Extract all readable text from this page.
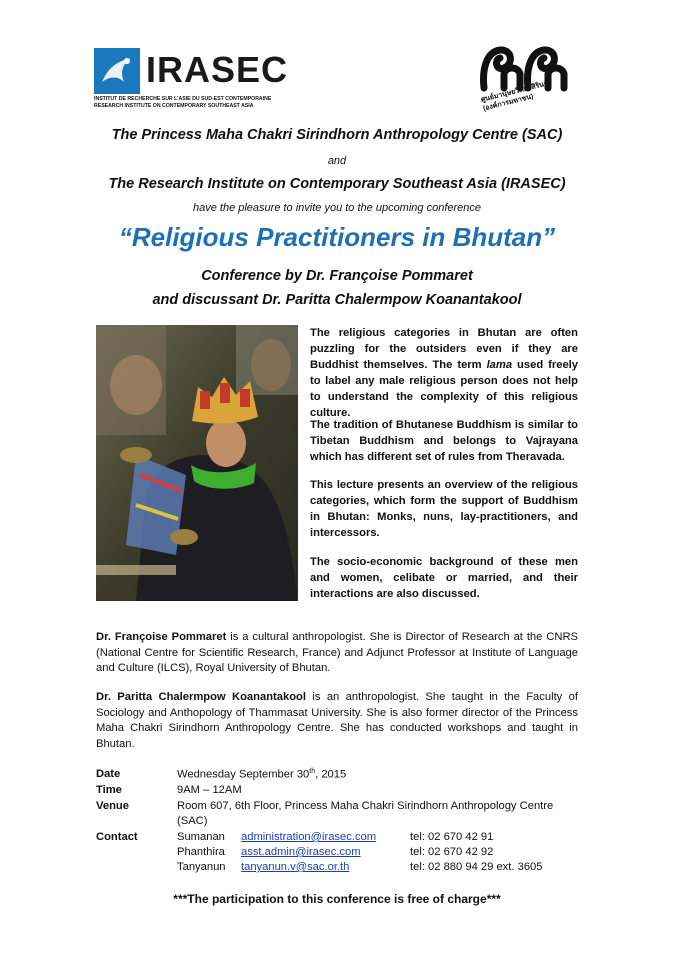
IRASEC
INSTITUT DE RECHERCHE SUR L'ASIE DU SUD-EST CONTEMPORAINE
RESEARCH INSTITUTE ON CONTEMPORARY SOUTHEAST ASIA
ศูนย์มานุษยวิทยาสิรินธร (องค์การมหาชน)
The Princess Maha Chakri Sirindhorn Anthropology Centre (SAC)
and
The Research Institute on Contemporary Southeast Asia (IRASEC)
have the pleasure to invite you to the upcoming conference
“Religious Practitioners in Bhutan”
Conference by Dr. Françoise Pommaret
and discussant Dr. Paritta Chalermpow Koanantakool

The religious categories in Bhutan are often puzzling for the outsiders even if they are Buddhist themselves. The term lama used freely to label any male religious person does not help to understand the complexity of this religious culture.

The tradition of Bhutanese Buddhism is similar to Tibetan Buddhism and belongs to Vajrayana which has different set of rules from Theravada.

This lecture presents an overview of the religious categories, which form the support of Buddhism in Bhutan: Monks, nuns, lay-practitioners, and intercessors.

The socio-economic background of these men and women, celibate or married, and their interactions are also discussed.

Dr. Françoise Pommaret is a cultural anthropologist. She is Director of Research at the CNRS (National Centre for Scientific Research, France) and Adjunct Professor at Institute of Language and Culture (ILCS), Royal University of Bhutan.

Dr. Paritta Chalermpow Koanantakool is an anthropologist. She taught in the Faculty of Sociology and Anthopology of Thammasat University. She is also former director of the Princess Maha Chakri Sirindhorn Anthropology Centre. She has conducted workshops and taught in Bhutan.

Date	Wednesday September 30th, 2015
Time	9AM – 12AM
Venue	Room 607, 6th Floor, Princess Maha Chakri Sirindhorn Anthropology Centre
(SAC)
Contact	Sumanan administration@irasec.com	tel: 02 670 42 91
Phanthira asst.admin@irasec.com	tel: 02 670 42 92
Tanyanun tanyanun.v@sac.or.th	tel: 02 880 94 29 ext. 3605
***The participation to this conference is free of charge***
